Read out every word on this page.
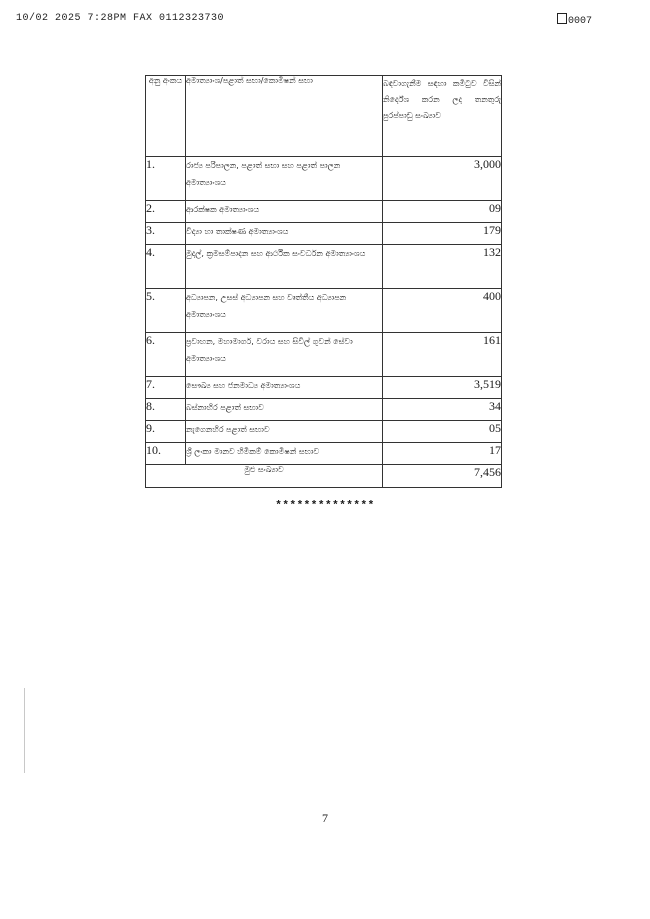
10/02 2025 7:28PM FAX 0112323730	0007
අනු අංකය	අමාත්‍යාංශ/පළාත් සභා/කොමිෂන් සභා	බඳවාගැනීම සඳහා කමිටුව විසින් නිර්දේශ කරන ලද තනතුරු පුරප්පාඩු සංඛ්‍යාව
1.	රාජ්‍ය පරිපාලන, පළාත් සභා සහ පළාත් පාලන අමාත්‍යාංශය	3,000
2.	ආරක්ෂක අමාත්‍යාංශය	09
3.	විද්‍යා හා තාක්ෂණ අමාත්‍යාංශය	179
4.	මුදල්, ක්‍රමසම්පාදන සහ ආර්ථික සංවර්ධන අමාත්‍යාංශය	132
5.	අධ්‍යාපන, උසස් අධ්‍යාපන සහ වෘත්තීය අධ්‍යාපන අමාත්‍යාංශය	400
6.	ප්‍රවාහන, මහාමාර්ග, වරාය සහ සිවිල් ගුවන් සේවා අමාත්‍යාංශය	161
7.	සෞඛ්‍ය සහ ජනමාධ්‍ය අමාත්‍යාංශය	3,519
8.	බස්නාහිර පළාත් සභාව	34
9.	නැගෙනහිර පළාත් සභාව	05
10.	ශ්‍රී ලංකා මානව හිමිකම් කොමිෂන් සභාව	17
මුළු සංඛ්‍යාව		7,456
**************
7
